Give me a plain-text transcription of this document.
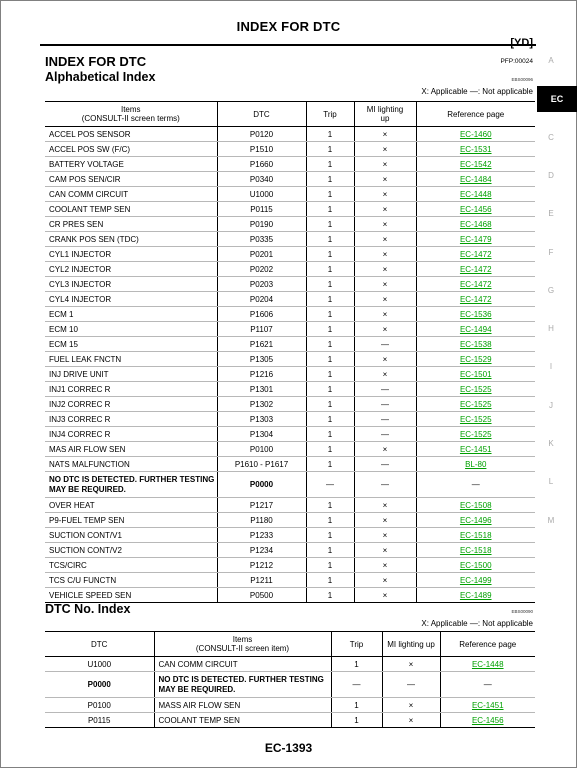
INDEX FOR DTC
[YD]
INDEX FOR DTC	PFP:00024
Alphabetical Index	EBS00096
X: Applicable —: Not applicable
Items
(CONSULT-II screen terms)	DTC	Trip	MI lighting
up	Reference page
ACCEL POS SENSOR	P0120	1	×	EC-1460
ACCEL POS SW (F/C)	P1510	1	×	EC-1531
BATTERY VOLTAGE	P1660	1	×	EC-1542
CAM POS SEN/CIR	P0340	1	×	EC-1484
CAN COMM CIRCUIT	U1000	1	×	EC-1448
COOLANT TEMP SEN	P0115	1	×	EC-1456
CR PRES SEN	P0190	1	×	EC-1468
CRANK POS SEN (TDC)	P0335	1	×	EC-1479
CYL1 INJECTOR	P0201	1	×	EC-1472
CYL2 INJECTOR	P0202	1	×	EC-1472
CYL3 INJECTOR	P0203	1	×	EC-1472
CYL4 INJECTOR	P0204	1	×	EC-1472
ECM 1	P1606	1	×	EC-1536
ECM 10	P1107	1	×	EC-1494
ECM 15	P1621	1	—	EC-1538
FUEL LEAK FNCTN	P1305	1	×	EC-1529
INJ DRIVE UNIT	P1216	1	×	EC-1501
INJ1 CORREC R	P1301	1	—	EC-1525
INJ2 CORREC R	P1302	1	—	EC-1525
INJ3 CORREC R	P1303	1	—	EC-1525
INJ4 CORREC R	P1304	1	—	EC-1525
MAS AIR FLOW SEN	P0100	1	×	EC-1451
NATS MALFUNCTION	P1610 - P1617	1	—	BL-80
NO DTC IS DETECTED. FURTHER TESTING MAY BE REQUIRED.	P0000	—	—	—
OVER HEAT	P1217	1	×	EC-1508
P9-FUEL TEMP SEN	P1180	1	×	EC-1496
SUCTION CONT/V1	P1233	1	×	EC-1518
SUCTION CONT/V2	P1234	1	×	EC-1518
TCS/CIRC	P1212	1	×	EC-1500
TCS C/U FUNCTN	P1211	1	×	EC-1499
VEHICLE SPEED SEN	P0500	1	×	EC-1489
DTC No. Index	EBS00090
X: Applicable —: Not applicable
DTC	Items
(CONSULT-II screen item)	Trip	MI lighting up	Reference page
U1000	CAN COMM CIRCUIT	1	×	EC-1448
P0000	NO DTC IS DETECTED. FURTHER TESTING MAY BE REQUIRED.	—	—	—
P0100	MASS AIR FLOW SEN	1	×	EC-1451
P0115	COOLANT TEMP SEN	1	×	EC-1456
A
EC
C
D
E
F
G
H
I
J
K
L
M
EC-1393
